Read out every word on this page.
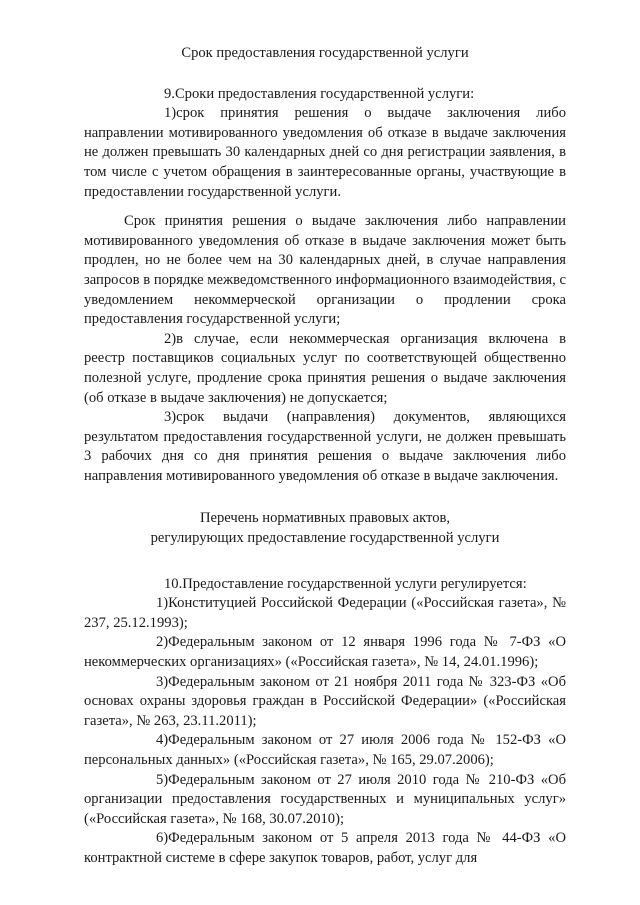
Срок предоставления государственной услуги

9.Сроки предоставления государственной услуги:

1)срок принятия решения о выдаче заключения либо направлении мотивированного уведомления об отказе в выдаче заключения не должен превышать 30 календарных дней со дня регистрации заявления, в том числе с учетом обращения в заинтересованные органы, участвующие в предоставлении государственной услуги.

Срок принятия решения о выдаче заключения либо направлении мотивированного уведомления об отказе в выдаче заключения может быть продлен, но не более чем на 30 календарных дней, в случае направления запросов в порядке межведомственного информационного взаимодействия, с уведомлением некоммерческой организации о продлении срока предоставления государственной услуги;

2)в случае, если некоммерческая организация включена в реестр поставщиков социальных услуг по соответствующей общественно полезной услуге, продление срока принятия решения о выдаче заключения (об отказе в выдаче заключения) не допускается;

3)срок выдачи (направления) документов, являющихся результатом предоставления государственной услуги, не должен превышать 3 рабочих дня со дня принятия решения о выдаче заключения либо направления мотивированного уведомления об отказе в выдаче заключения.

Перечень нормативных правовых актов,
регулирующих предоставление государственной услуги

10.Предоставление государственной услуги регулируется:

1)Конституцией Российской Федерации («Российская газета», № 237, 25.12.1993);

2)Федеральным законом от 12 января 1996 года № 7-ФЗ «О некоммерческих организациях» («Российская газета», № 14, 24.01.1996);

3)Федеральным законом от 21 ноября 2011 года № 323-ФЗ «Об основах охраны здоровья граждан в Российской Федерации» («Российская газета», № 263, 23.11.2011);

4)Федеральным законом от 27 июля 2006 года № 152-ФЗ «О персональных данных» («Российская газета», № 165, 29.07.2006);

5)Федеральным законом от 27 июля 2010 года № 210-ФЗ «Об организации предоставления государственных и муниципальных услуг» («Российская газета», № 168, 30.07.2010);

6)Федеральным законом от 5 апреля 2013 года № 44-ФЗ «О контрактной системе в сфере закупок товаров, работ, услуг для
